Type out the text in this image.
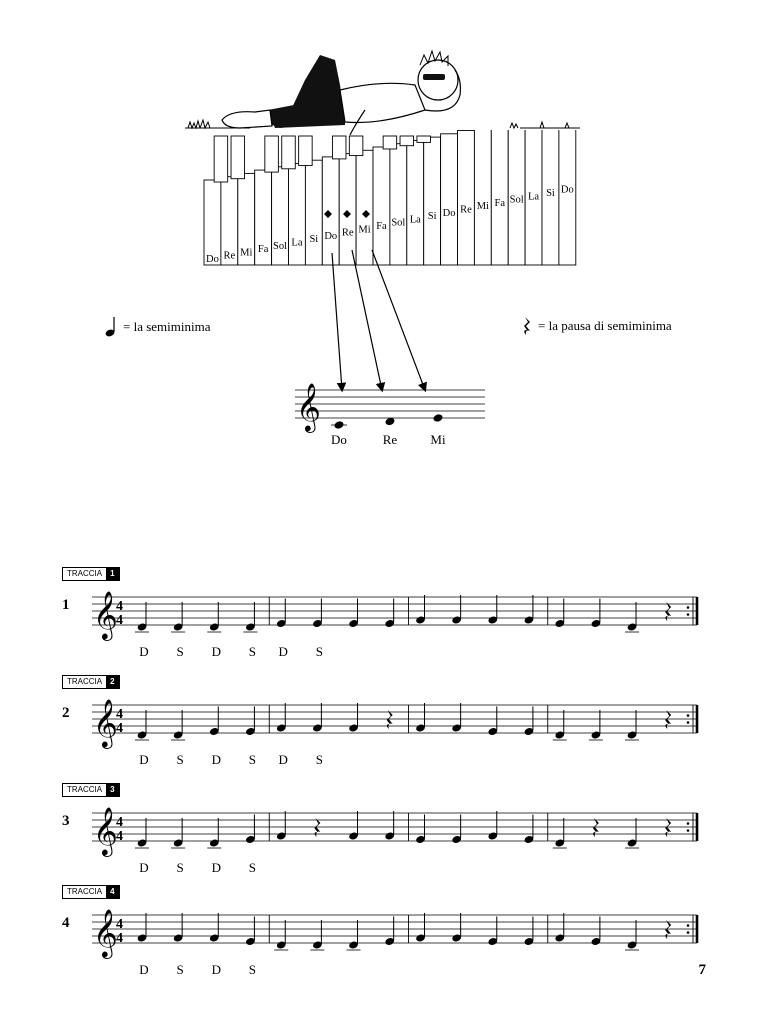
Do Re Mi Fa Sol La Si Do Re Mi Fa Sol La Si Do Re Mi Fa Sol La Si Do
= la semiminima	= la pausa di semiminima
𝄞
Do	Re	Mi
TRACCIA	1
1 𝄞
4
4
D S D S D S
TRACCIA	2
2 𝄞
4
4
D S D S D S
TRACCIA	3
3 𝄞
4
4
D S D S
TRACCIA	4
4 𝄞
4
4
D S D S	7
